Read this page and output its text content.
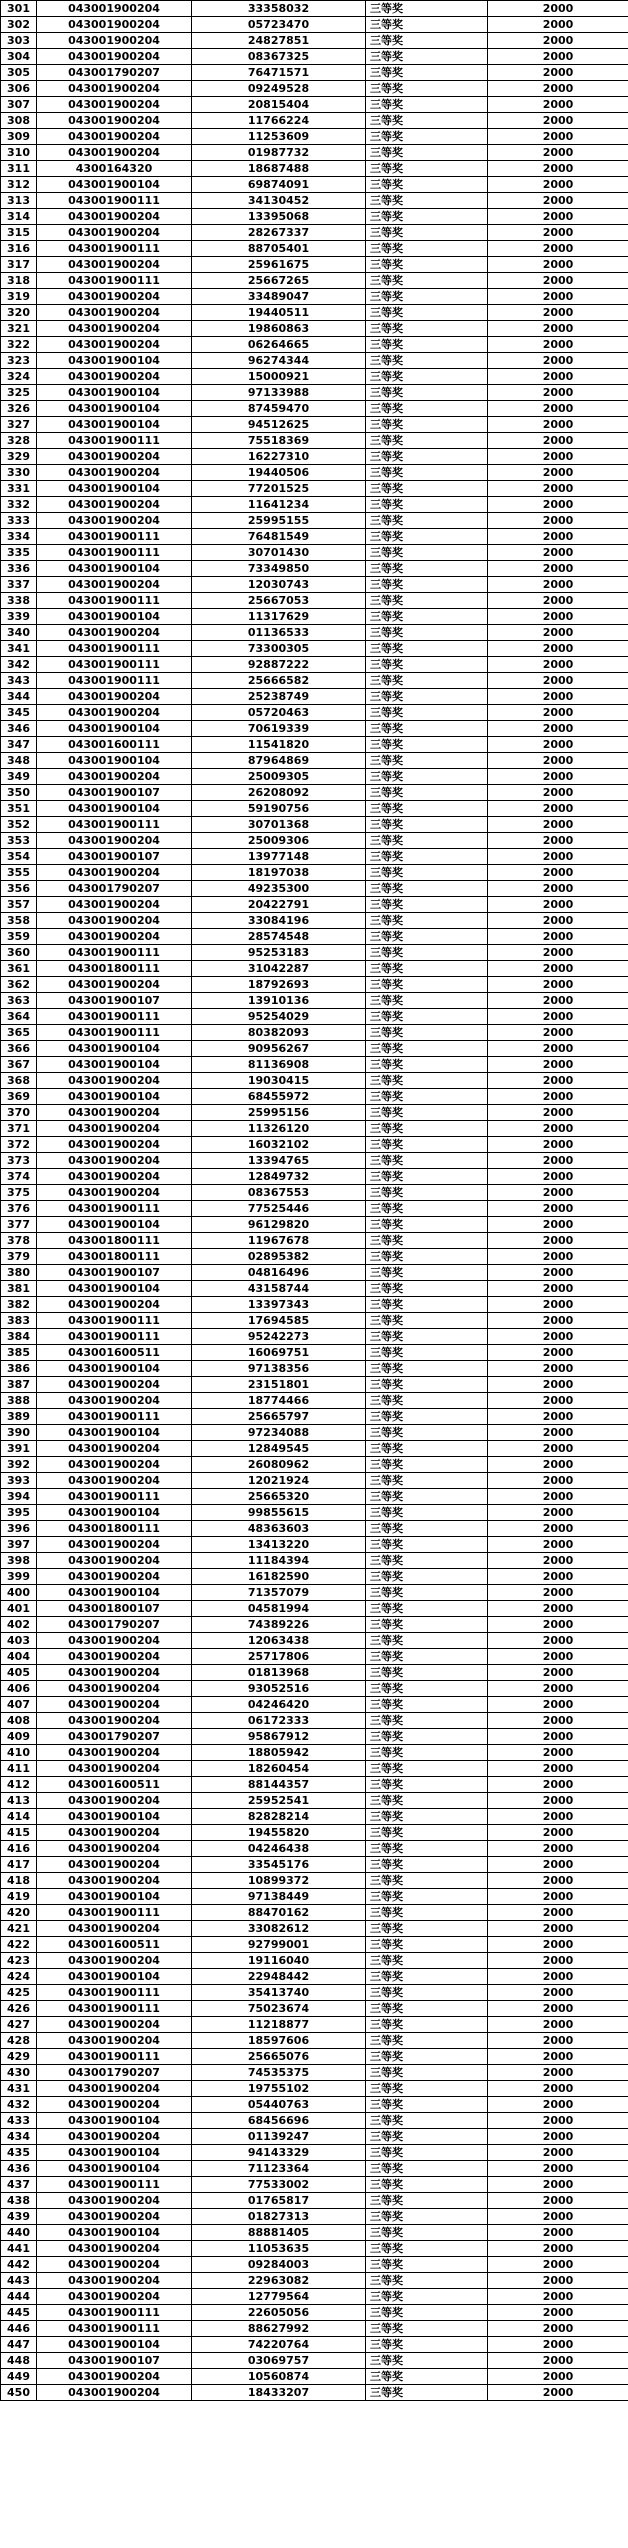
301	043001900204	33358032	三等奖	2000
302	043001900204	05723470	三等奖	2000
303	043001900204	24827851	三等奖	2000
304	043001900204	08367325	三等奖	2000
305	043001790207	76471571	三等奖	2000
306	043001900204	09249528	三等奖	2000
307	043001900204	20815404	三等奖	2000
308	043001900204	11766224	三等奖	2000
309	043001900204	11253609	三等奖	2000
310	043001900204	01987732	三等奖	2000
311	4300164320	18687488	三等奖	2000
312	043001900104	69874091	三等奖	2000
313	043001900111	34130452	三等奖	2000
314	043001900204	13395068	三等奖	2000
315	043001900204	28267337	三等奖	2000
316	043001900111	88705401	三等奖	2000
317	043001900204	25961675	三等奖	2000
318	043001900111	25667265	三等奖	2000
319	043001900204	33489047	三等奖	2000
320	043001900204	19440511	三等奖	2000
321	043001900204	19860863	三等奖	2000
322	043001900204	06264665	三等奖	2000
323	043001900104	96274344	三等奖	2000
324	043001900204	15000921	三等奖	2000
325	043001900104	97133988	三等奖	2000
326	043001900104	87459470	三等奖	2000
327	043001900104	94512625	三等奖	2000
328	043001900111	75518369	三等奖	2000
329	043001900204	16227310	三等奖	2000
330	043001900204	19440506	三等奖	2000
331	043001900104	77201525	三等奖	2000
332	043001900204	11641234	三等奖	2000
333	043001900204	25995155	三等奖	2000
334	043001900111	76481549	三等奖	2000
335	043001900111	30701430	三等奖	2000
336	043001900104	73349850	三等奖	2000
337	043001900204	12030743	三等奖	2000
338	043001900111	25667053	三等奖	2000
339	043001900104	11317629	三等奖	2000
340	043001900204	01136533	三等奖	2000
341	043001900111	73300305	三等奖	2000
342	043001900111	92887222	三等奖	2000
343	043001900111	25666582	三等奖	2000
344	043001900204	25238749	三等奖	2000
345	043001900204	05720463	三等奖	2000
346	043001900104	70619339	三等奖	2000
347	043001600111	11541820	三等奖	2000
348	043001900104	87964869	三等奖	2000
349	043001900204	25009305	三等奖	2000
350	043001900107	26208092	三等奖	2000
351	043001900104	59190756	三等奖	2000
352	043001900111	30701368	三等奖	2000
353	043001900204	25009306	三等奖	2000
354	043001900107	13977148	三等奖	2000
355	043001900204	18197038	三等奖	2000
356	043001790207	49235300	三等奖	2000
357	043001900204	20422791	三等奖	2000
358	043001900204	33084196	三等奖	2000
359	043001900204	28574548	三等奖	2000
360	043001900111	95253183	三等奖	2000
361	043001800111	31042287	三等奖	2000
362	043001900204	18792693	三等奖	2000
363	043001900107	13910136	三等奖	2000
364	043001900111	95254029	三等奖	2000
365	043001900111	80382093	三等奖	2000
366	043001900104	90956267	三等奖	2000
367	043001900104	81136908	三等奖	2000
368	043001900204	19030415	三等奖	2000
369	043001900104	68455972	三等奖	2000
370	043001900204	25995156	三等奖	2000
371	043001900204	11326120	三等奖	2000
372	043001900204	16032102	三等奖	2000
373	043001900204	13394765	三等奖	2000
374	043001900204	12849732	三等奖	2000
375	043001900204	08367553	三等奖	2000
376	043001900111	77525446	三等奖	2000
377	043001900104	96129820	三等奖	2000
378	043001800111	11967678	三等奖	2000
379	043001800111	02895382	三等奖	2000
380	043001900107	04816496	三等奖	2000
381	043001900104	43158744	三等奖	2000
382	043001900204	13397343	三等奖	2000
383	043001900111	17694585	三等奖	2000
384	043001900111	95242273	三等奖	2000
385	043001600511	16069751	三等奖	2000
386	043001900104	97138356	三等奖	2000
387	043001900204	23151801	三等奖	2000
388	043001900204	18774466	三等奖	2000
389	043001900111	25665797	三等奖	2000
390	043001900104	97234088	三等奖	2000
391	043001900204	12849545	三等奖	2000
392	043001900204	26080962	三等奖	2000
393	043001900204	12021924	三等奖	2000
394	043001900111	25665320	三等奖	2000
395	043001900104	99855615	三等奖	2000
396	043001800111	48363603	三等奖	2000
397	043001900204	13413220	三等奖	2000
398	043001900204	11184394	三等奖	2000
399	043001900204	16182590	三等奖	2000
400	043001900104	71357079	三等奖	2000
401	043001800107	04581994	三等奖	2000
402	043001790207	74389226	三等奖	2000
403	043001900204	12063438	三等奖	2000
404	043001900204	25717806	三等奖	2000
405	043001900204	01813968	三等奖	2000
406	043001900204	93052516	三等奖	2000
407	043001900204	04246420	三等奖	2000
408	043001900204	06172333	三等奖	2000
409	043001790207	95867912	三等奖	2000
410	043001900204	18805942	三等奖	2000
411	043001900204	18260454	三等奖	2000
412	043001600511	88144357	三等奖	2000
413	043001900204	25952541	三等奖	2000
414	043001900104	82828214	三等奖	2000
415	043001900204	19455820	三等奖	2000
416	043001900204	04246438	三等奖	2000
417	043001900204	33545176	三等奖	2000
418	043001900204	10899372	三等奖	2000
419	043001900104	97138449	三等奖	2000
420	043001900111	88470162	三等奖	2000
421	043001900204	33082612	三等奖	2000
422	043001600511	92799001	三等奖	2000
423	043001900204	19116040	三等奖	2000
424	043001900104	22948442	三等奖	2000
425	043001900111	35413740	三等奖	2000
426	043001900111	75023674	三等奖	2000
427	043001900204	11218877	三等奖	2000
428	043001900204	18597606	三等奖	2000
429	043001900111	25665076	三等奖	2000
430	043001790207	74535375	三等奖	2000
431	043001900204	19755102	三等奖	2000
432	043001900204	05440763	三等奖	2000
433	043001900104	68456696	三等奖	2000
434	043001900204	01139247	三等奖	2000
435	043001900104	94143329	三等奖	2000
436	043001900104	71123364	三等奖	2000
437	043001900111	77533002	三等奖	2000
438	043001900204	01765817	三等奖	2000
439	043001900204	01827313	三等奖	2000
440	043001900104	88881405	三等奖	2000
441	043001900204	11053635	三等奖	2000
442	043001900204	09284003	三等奖	2000
443	043001900204	22963082	三等奖	2000
444	043001900204	12779564	三等奖	2000
445	043001900111	22605056	三等奖	2000
446	043001900111	88627992	三等奖	2000
447	043001900104	74220764	三等奖	2000
448	043001900107	03069757	三等奖	2000
449	043001900204	10560874	三等奖	2000
450	043001900204	18433207	三等奖	2000
